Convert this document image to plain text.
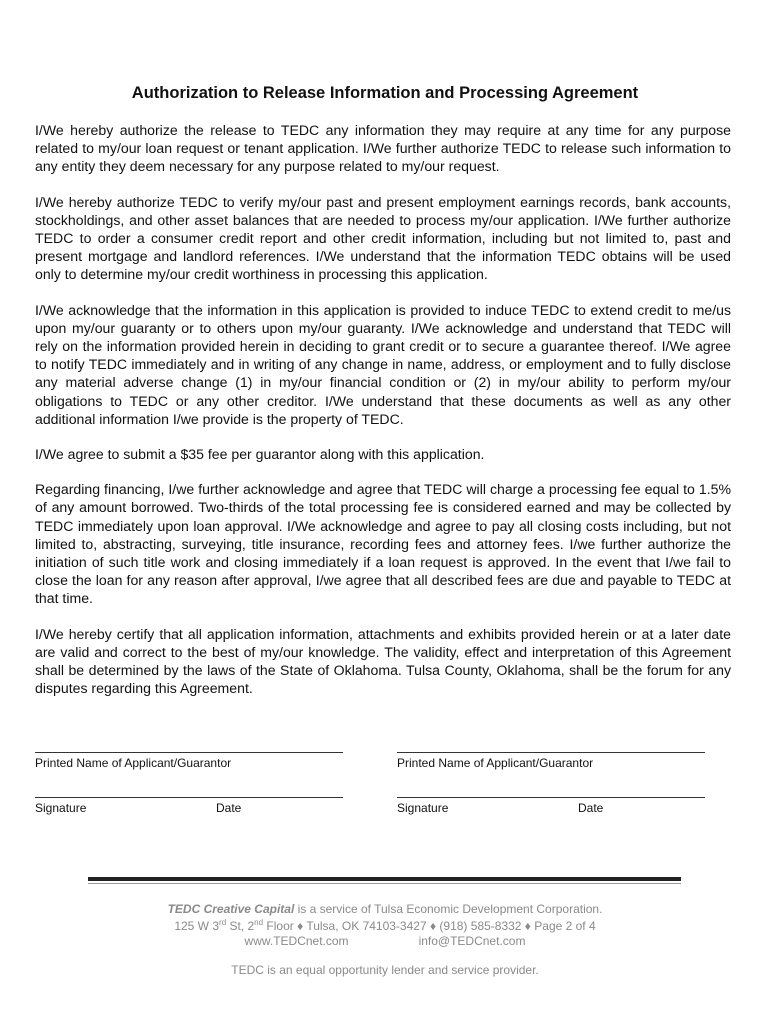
Authorization to Release Information and Processing Agreement

I/We hereby authorize the release to TEDC any information they may require at any time for any purpose related to my/our loan request or tenant application. I/We further authorize TEDC to release such information to any entity they deem necessary for any purpose related to my/our request.

I/We hereby authorize TEDC to verify my/our past and present employment earnings records, bank accounts, stockholdings, and other asset balances that are needed to process my/our application. I/We further authorize TEDC to order a consumer credit report and other credit information, including but not limited to, past and present mortgage and landlord references. I/We understand that the information TEDC obtains will be used only to determine my/our credit worthiness in processing this application.

I/We acknowledge that the information in this application is provided to induce TEDC to extend credit to me/us upon my/our guaranty or to others upon my/our guaranty. I/We acknowledge and understand that TEDC will rely on the information provided herein in deciding to grant credit or to secure a guarantee thereof. I/We agree to notify TEDC immediately and in writing of any change in name, address, or employment and to fully disclose any material adverse change (1) in my/our financial condition or (2) in my/our ability to perform my/our obligations to TEDC or any other creditor. I/We understand that these documents as well as any other additional information I/we provide is the property of TEDC.

I/We agree to submit a $35 fee per guarantor along with this application.

Regarding financing, I/we further acknowledge and agree that TEDC will charge a processing fee equal to 1.5% of any amount borrowed. Two-thirds of the total processing fee is considered earned and may be collected by TEDC immediately upon loan approval. I/We acknowledge and agree to pay all closing costs including, but not limited to, abstracting, surveying, title insurance, recording fees and attorney fees. I/we further authorize the initiation of such title work and closing immediately if a loan request is approved. In the event that I/we fail to close the loan for any reason after approval, I/we agree that all described fees are due and payable to TEDC at that time.

I/We hereby certify that all application information, attachments and exhibits provided herein or at a later date are valid and correct to the best of my/our knowledge. The validity, effect and interpretation of this Agreement shall be determined by the laws of the State of Oklahoma. Tulsa County, Oklahoma, shall be the forum for any disputes regarding this Agreement.

Printed Name of Applicant/Guarantor	Printed Name of Applicant/Guarantor
Signature	Date	Signature	Date
TEDC Creative Capital is a service of Tulsa Economic Development Corporation.
125 W 3rd St, 2nd Floor ♦ Tulsa, OK 74103-3427 ♦ (918) 585-8332 ♦ Page 2 of 4
www.TEDCnet.com	info@TEDCnet.com
TEDC is an equal opportunity lender and service provider.
